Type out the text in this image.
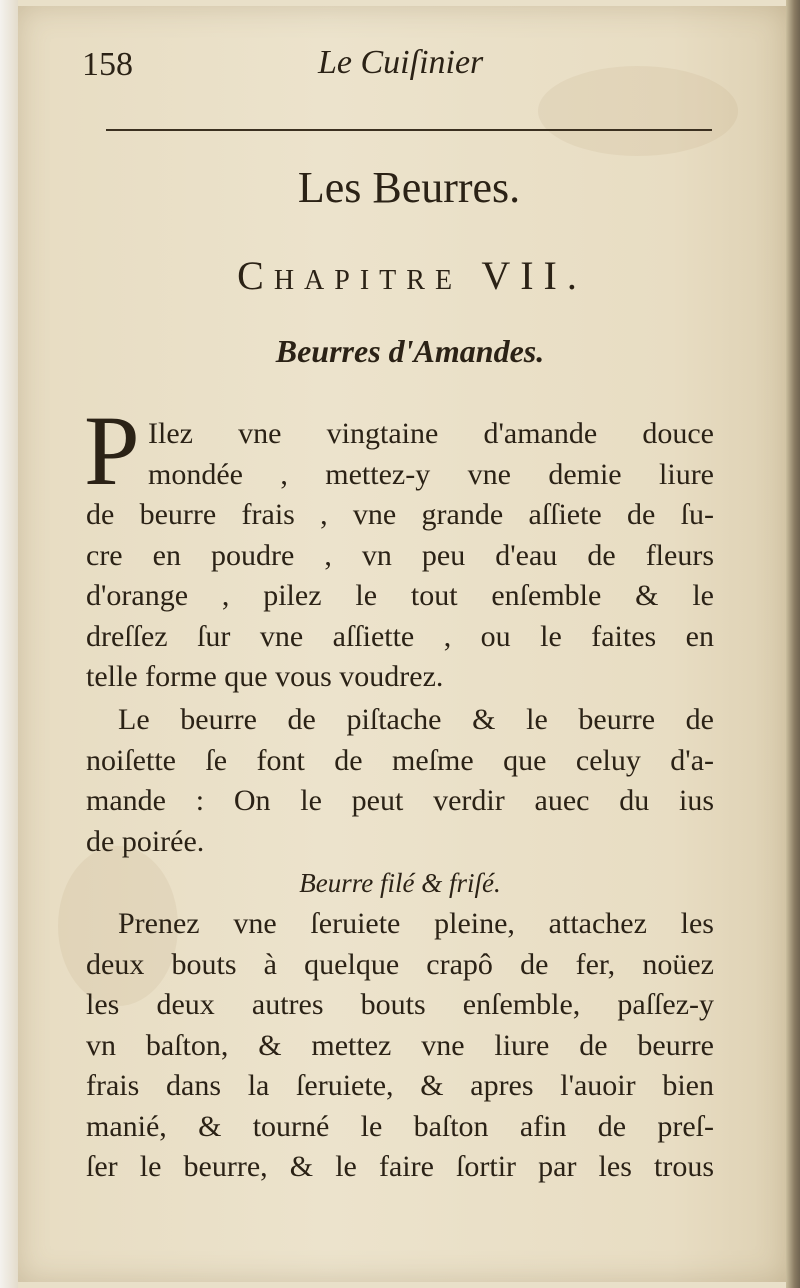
158	Le Cuiſinier
Les Beurres.
Chapitre VII.
Beurres d'Amandes.
P Ilez vne vingtaine d'amande douce
mondée , mettez-y vne demie liure
de beurre frais , vne grande aſſiete de ſu-
cre en poudre , vn peu d'eau de fleurs
d'orange , pilez le tout enſemble & le
dreſſez ſur vne aſſiette , ou le faites en
telle forme que vous voudrez.
Le beurre de piſtache & le beurre de
noiſette ſe font de meſme que celuy d'a-
mande : On le peut verdir auec du ius
de poirée.
Beurre filé & friſé.
Prenez vne ſeruiete pleine, attachez les
deux bouts à quelque crapô de fer, noüez
les deux autres bouts enſemble, paſſez-y
vn baſton, & mettez vne liure de beurre
frais dans la ſeruiete, & apres l'auoir bien
manié, & tourné le baſton afin de preſ-
ſer le beurre, & le faire ſortir par les trous
